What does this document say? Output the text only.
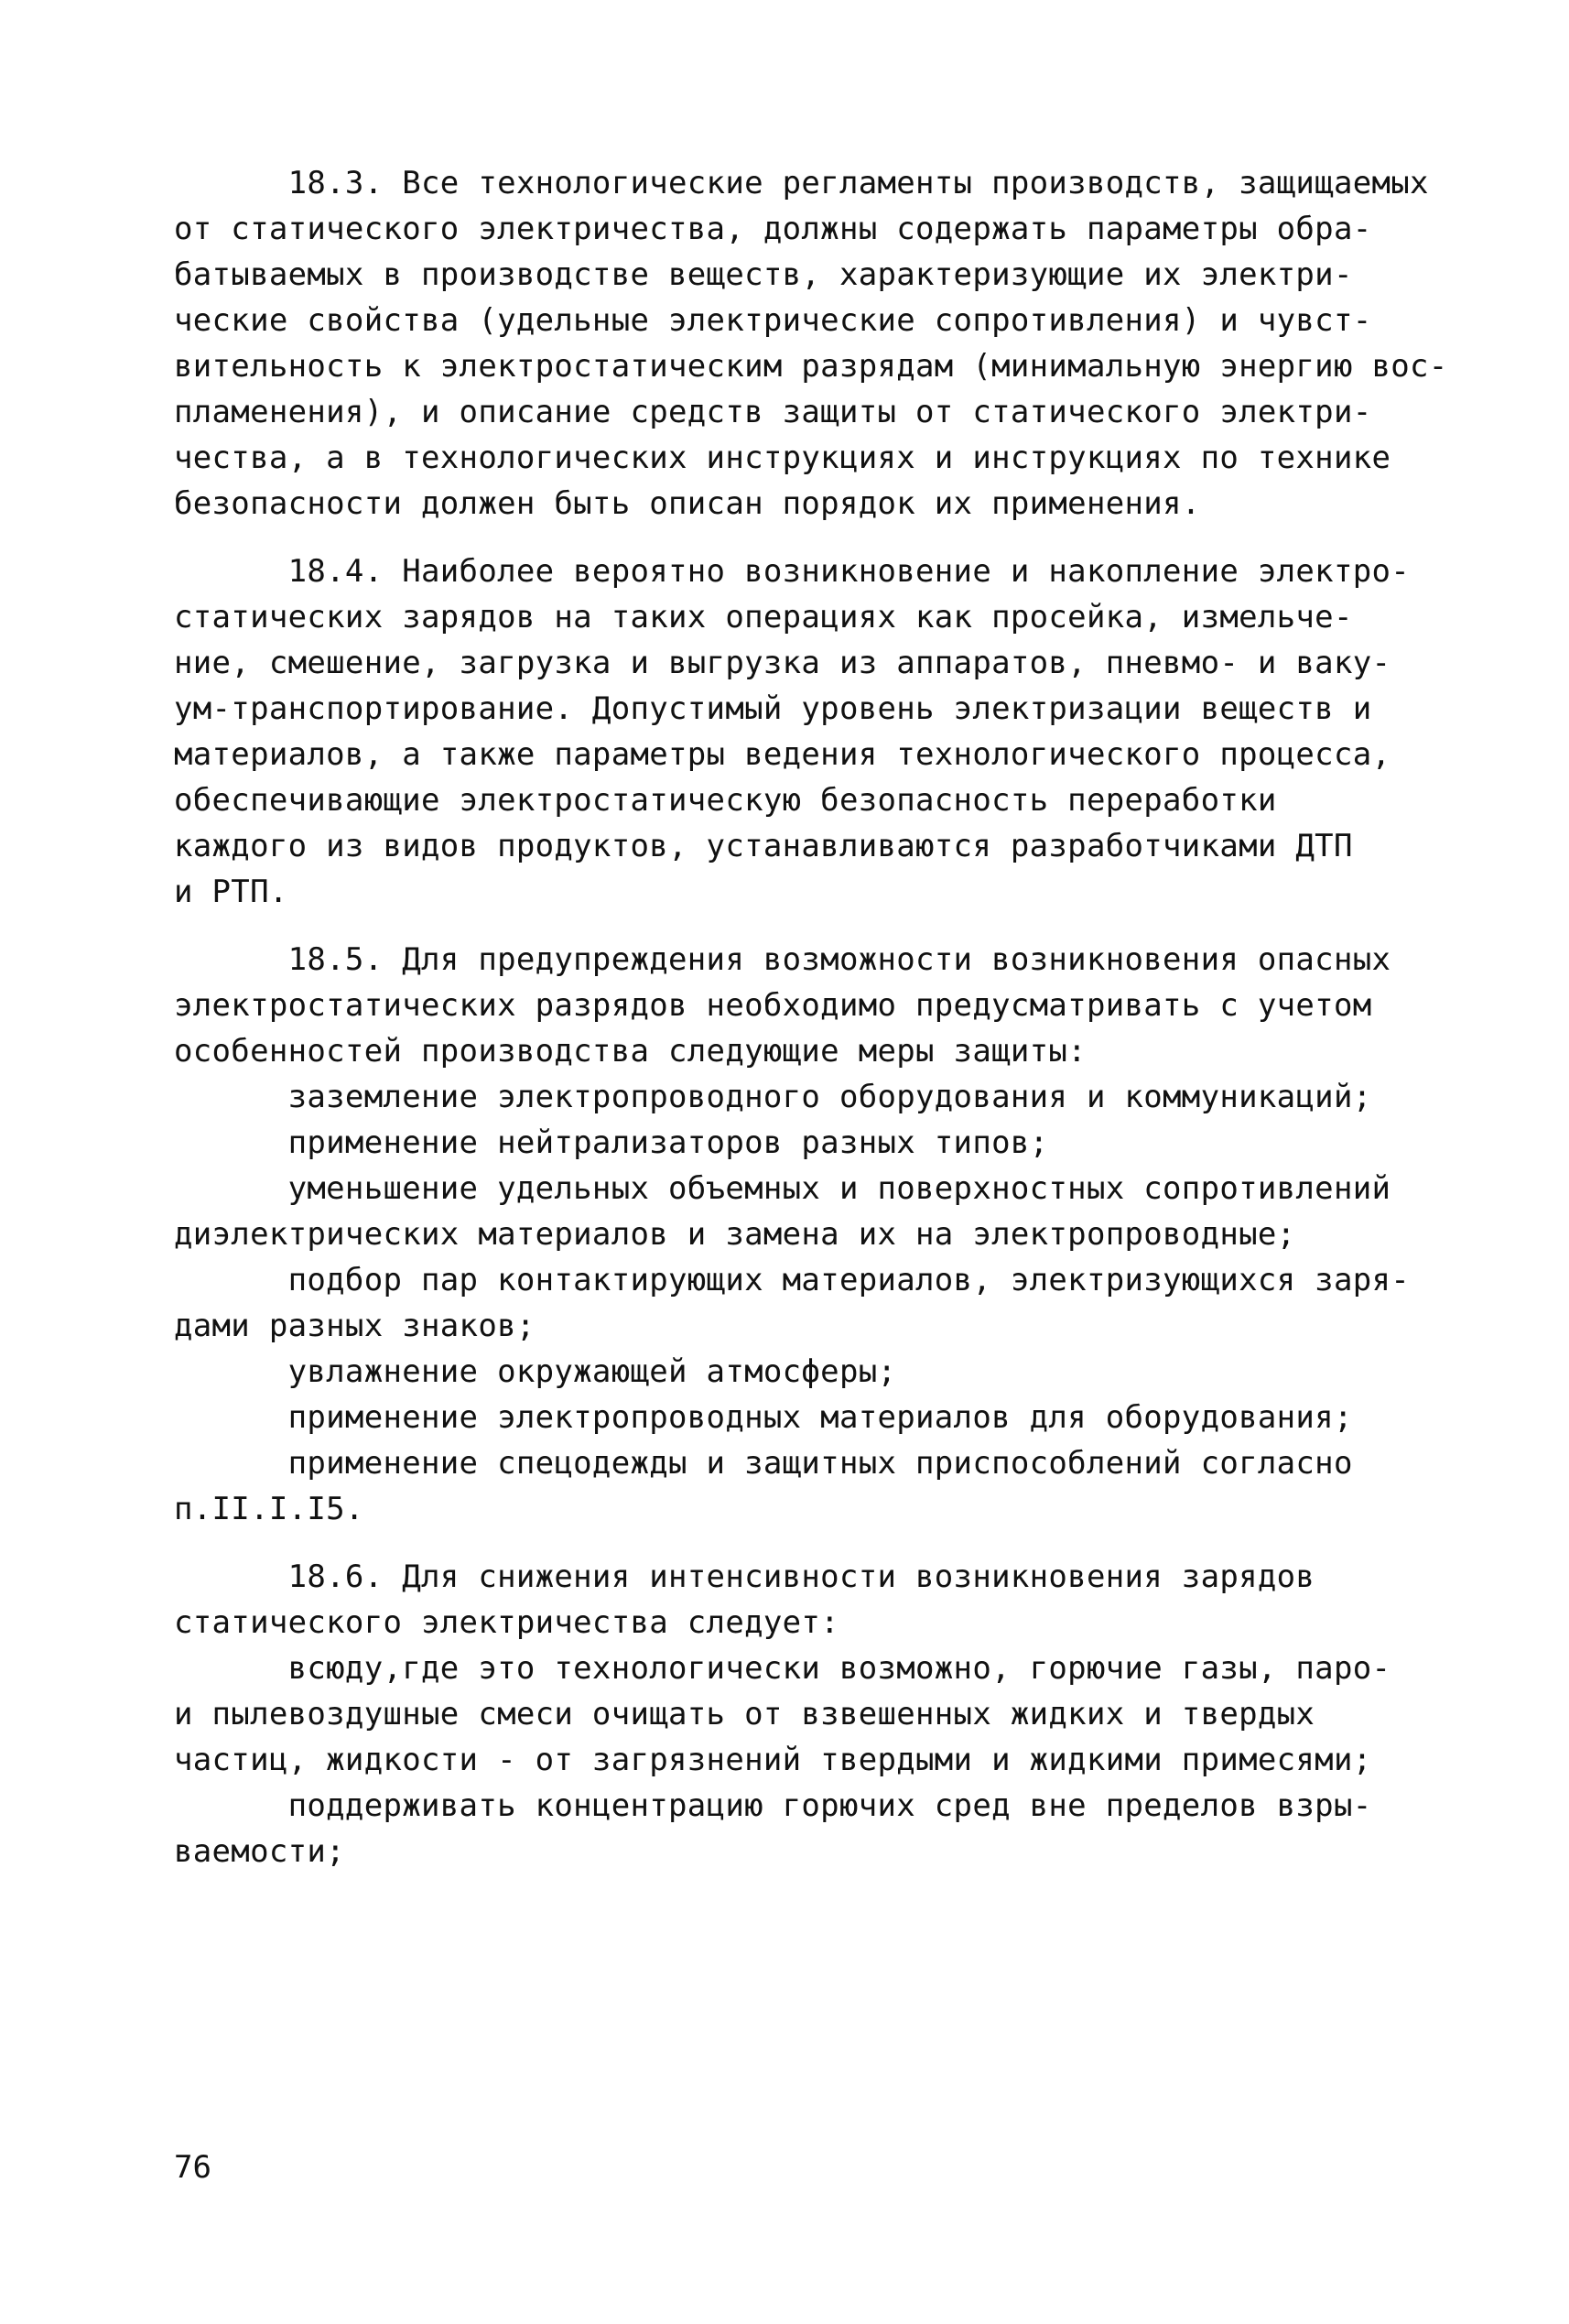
18.3. Все технологические регламенты производств, защищаемых
от статического электричества, должны содержать параметры обра-
батываемых в производстве веществ, характеризующие их электри-
ческие свойства (удельные электрические сопротивления) и чувст-
вительность к электростатическим разрядам (минимальную энергию вос-
пламенения), и описание средств защиты от статического электри-
чества, а в технологических инструкциях и инструкциях по технике
безопасности должен быть описан порядок их применения.
18.4. Наиболее вероятно возникновение и накопление электро-
статических зарядов на таких операциях как просейка, измельче-
ние, смешение, загрузка и выгрузка из аппаратов, пневмо- и ваку-
ум-транспортирование. Допустимый уровень электризации веществ и
материалов, а также параметры ведения технологического процесса,
обеспечивающие электростатическую безопасность переработки
каждого из видов продуктов, устанавливаются разработчиками ДТП
и РТП.
18.5. Для предупреждения возможности возникновения опасных
электростатических разрядов необходимо предусматривать с учетом
особенностей производства следующие меры защиты:
заземление электропроводного оборудования и коммуникаций;
применение нейтрализаторов разных типов;
уменьшение удельных объемных и поверхностных сопротивлений
диэлектрических материалов и замена их на электропроводные;
подбор пар контактирующих материалов, электризующихся заря-
дами разных знаков;
увлажнение окружающей атмосферы;
применение электропроводных материалов для оборудования;
применение спецодежды и защитных приспособлений согласно
п.II.I.I5.
18.6. Для снижения интенсивности возникновения зарядов
статического электричества следует:
всюду,где это технологически возможно, горючие газы, паро-
и пылевоздушные смеси очищать от взвешенных жидких и твердых
частиц, жидкости - от загрязнений твердыми и жидкими примесями;
поддерживать концентрацию горючих сред вне пределов взры-
ваемости;
76
